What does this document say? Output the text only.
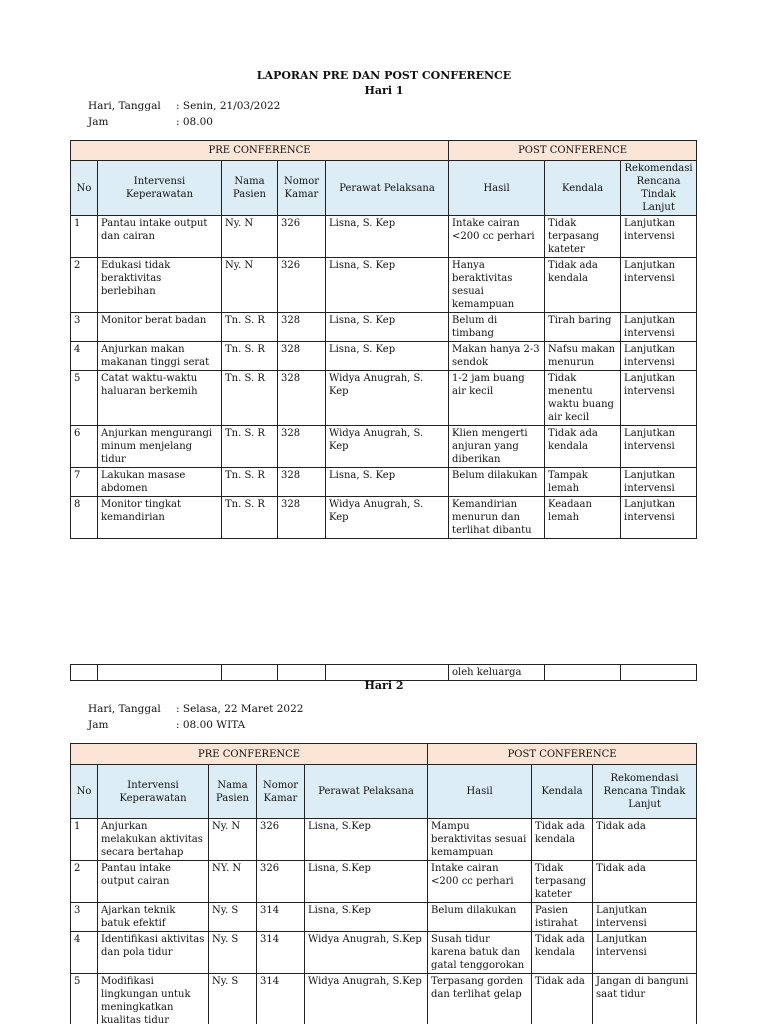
LAPORAN PRE DAN POST CONFERENCE
Hari 1
Hari, Tanggal : Senin, 21/03/2022
Jam	: 08.00
PRE CONFERENCE					POST CONFERENCE		
No	Intervensi Keperawatan	Nama Pasien	Nomor Kamar	Perawat Pelaksana	Hasil	Kendala	Rekomendasi Rencana Tindak Lanjut
1	Pantau intake output dan cairan	Ny. N	326	Lisna, S. Kep	Intake cairan <200 cc perhari	Tidak terpasang kateter	Lanjutkan intervensi
2	Edukasi tidak beraktivitas berlebihan	Ny. N	326	Lisna, S. Kep	Hanya beraktivitas sesuai kemampuan	Tidak ada kendala	Lanjutkan intervensi
3	Monitor berat badan	Tn. S. R	328	Lisna, S. Kep	Belum di timbang	Tirah baring	Lanjutkan intervensi
4	Anjurkan makan makanan tinggi serat	Tn. S. R	328	Lisna, S. Kep	Makan hanya 2-3 sendok	Nafsu makan menurun	Lanjutkan intervensi
5	Catat waktu-waktu haluaran berkemih	Tn. S. R	328	Widya Anugrah, S. Kep	1-2 jam buang air kecil	Tidak menentu waktu buang air kecil	Lanjutkan intervensi
6	Anjurkan mengurangi minum menjelang tidur	Tn. S. R	328	Widya Anugrah, S. Kep	Klien mengerti anjuran yang diberikan	Tidak ada kendala	Lanjutkan intervensi
7	Lakukan masase abdomen	Tn. S. R	328	Lisna, S. Kep	Belum dilakukan	Tampak lemah	Lanjutkan intervensi
8	Monitor tingkat kemandirian	Tn. S. R	328	Widya Anugrah, S. Kep	Kemandirian menurun dan terlihat dibantu	Keadaan lemah	Lanjutkan intervensi
					oleh keluarga		
Hari 2
Hari, Tanggal : Selasa, 22 Maret 2022
Jam	: 08.00 WITA
PRE CONFERENCE					POST CONFERENCE		
No	Intervensi Keperawatan	Nama Pasien	Nomor Kamar	Perawat Pelaksana	Hasil	Kendala	Rekomendasi Rencana Tindak Lanjut
1	Anjurkan melakukan aktivitas secara bertahap	Ny. N	326	Lisna, S.Kep	Mampu beraktivitas sesuai kemampuan	Tidak ada kendala	Tidak ada
2	Pantau intake output cairan	NY. N	326	Lisna, S.Kep	Intake cairan <200 cc perhari	Tidak terpasang kateter	Tidak ada
3	Ajarkan teknik batuk efektif	Ny. S	314	Lisna, S.Kep	Belum dilakukan	Pasien istirahat	Lanjutkan intervensi
4	Identifikasi aktivitas dan pola tidur	Ny. S	314	Widya Anugrah, S.Kep	Susah tidur karena batuk dan gatal tenggorokan	Tidak ada kendala	Lanjutkan intervensi
5	Modifikasi lingkungan untuk meningkatkan kualitas tidur	Ny. S	314	Widya Anugrah, S.Kep	Terpasang gorden dan terlihat gelap	Tidak ada	Jangan di banguni saat tidur
